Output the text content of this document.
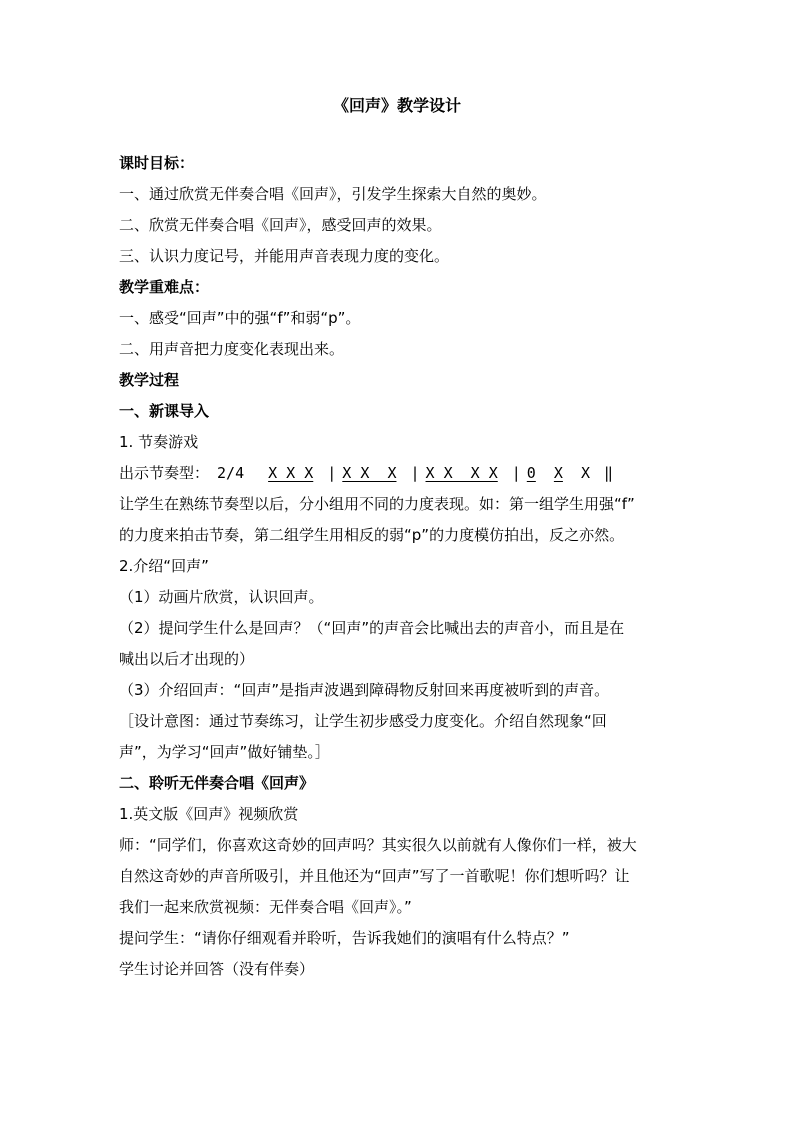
《回声》教学设计
课时目标：
一、通过欣赏无伴奏合唱《回声》，引发学生探索大自然的奥妙。
二、欣赏无伴奏合唱《回声》，感受回声的效果。
三、认识力度记号，并能用声音表现力度的变化。
教学重难点：
一、感受“回声”中的强“f”和弱“p”。
二、用声音把力度变化表现出来。
教学过程
一、新课导入
1. 节奏游戏
出示节奏型： 2/4 X X X | X X  X | X X  X X | 0 X X ‖
让学生在熟练节奏型以后，分小组用不同的力度表现。如：第一组学生用强“f”
的力度来拍击节奏，第二组学生用相反的弱“p”的力度模仿拍出，反之亦然。
2.介绍“回声”
（1）动画片欣赏，认识回声。
（2）提问学生什么是回声？（“回声”的声音会比喊出去的声音小，而且是在
喊出以后才出现的）
（3）介绍回声：“回声”是指声波遇到障碍物反射回来再度被听到的声音。
［设计意图：通过节奏练习，让学生初步感受力度变化。介绍自然现象“回
声”，为学习“回声”做好铺垫。］
二、聆听无伴奏合唱《回声》
1.英文版《回声》视频欣赏
师：“同学们，你喜欢这奇妙的回声吗？其实很久以前就有人像你们一样，被大
自然这奇妙的声音所吸引，并且他还为“回声”写了一首歌呢！你们想听吗？让
我们一起来欣赏视频：无伴奏合唱《回声》。”
提问学生：“请你仔细观看并聆听，告诉我她们的演唱有什么特点？”
学生讨论并回答（没有伴奏）
